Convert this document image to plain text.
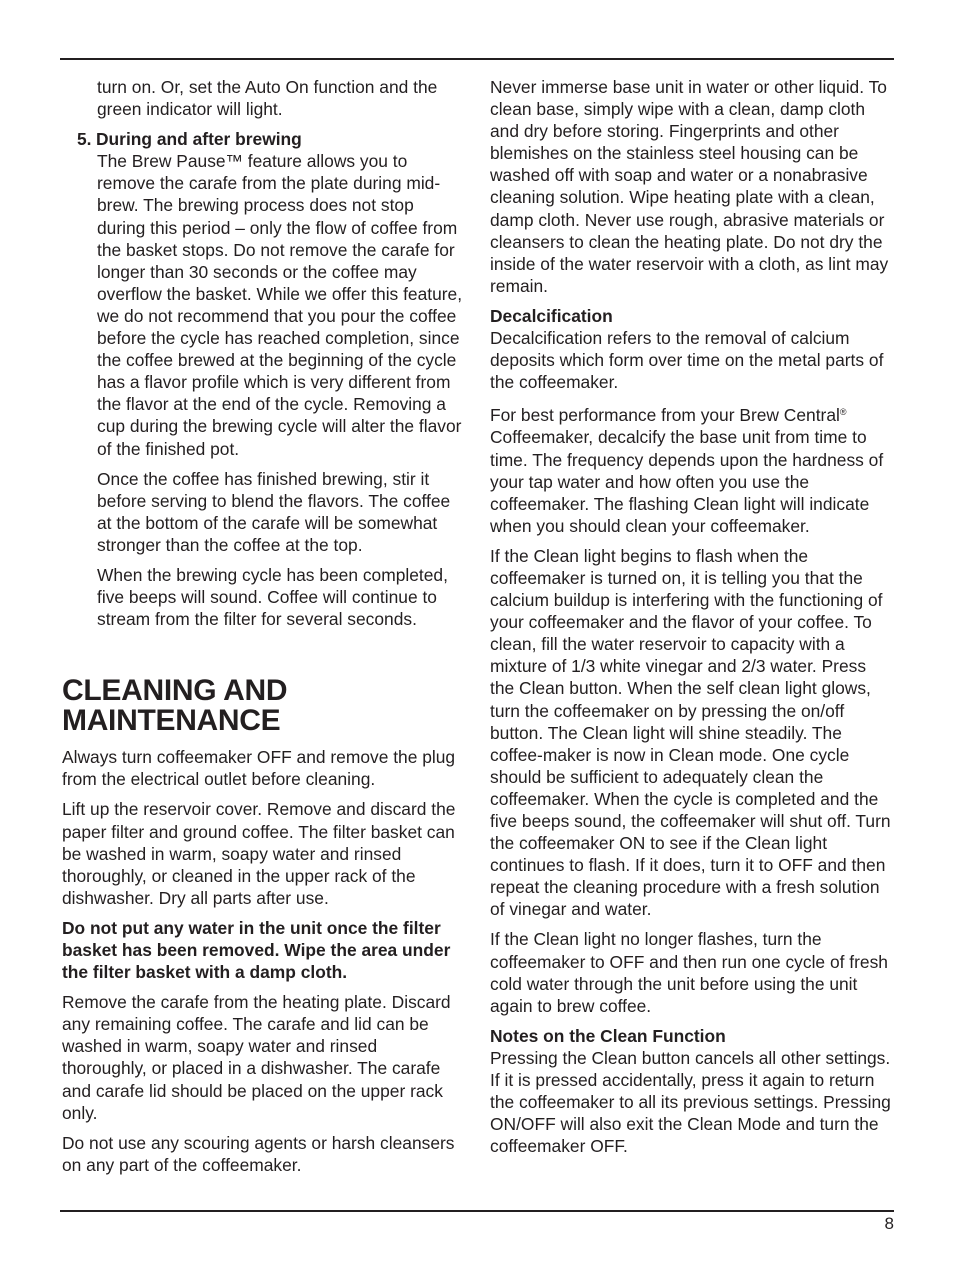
turn on. Or, set the Auto On function and the green indicator will light.

5. During and after brewing

The Brew Pause™ feature allows you to remove the carafe from the plate during mid-brew. The brewing process does not stop during this period – only the flow of coffee from the basket stops. Do not remove the carafe for longer than 30 seconds or the coffee may overflow the basket. While we offer this feature, we do not recommend that you pour the coffee before the cycle has reached completion, since the coffee brewed at the beginning of the cycle has a flavor profile which is very different from the flavor at the end of the cycle. Removing a cup during the brewing cycle will alter the flavor of the finished pot.

Once the coffee has finished brewing, stir it before serving to blend the flavors. The coffee at the bottom of the carafe will be somewhat stronger than the coffee at the top.

When the brewing cycle has been completed, five beeps will sound. Coffee will continue to stream from the filter for several seconds.

CLEANING AND
MAINTENANCE

Always turn coffeemaker OFF and remove the plug from the electrical outlet before cleaning.

Lift up the reservoir cover. Remove and discard the paper filter and ground coffee. The filter basket can be washed in warm, soapy water and rinsed thoroughly, or cleaned in the upper rack of the dishwasher. Dry all parts after use.

Do not put any water in the unit once the filter basket has been removed. Wipe the area under the filter basket with a damp cloth.

Remove the carafe from the heating plate. Discard any remaining coffee. The carafe and lid can be washed in warm, soapy water and rinsed thoroughly, or placed in a dishwasher. The carafe and carafe lid should be placed on the upper rack only.

Do not use any scouring agents or harsh cleansers on any part of the coffeemaker.

Never immerse base unit in water or other liquid. To clean base, simply wipe with a clean, damp cloth and dry before storing. Fingerprints and other blemishes on the stainless steel housing can be washed off with soap and water or a nonabrasive cleaning solution. Wipe heating plate with a clean, damp cloth. Never use rough, abrasive materials or cleansers to clean the heating plate. Do not dry the inside of the water reservoir with a cloth, as lint may remain.

Decalcification

Decalcification refers to the removal of calcium deposits which form over time on the metal parts of the coffeemaker.

For best performance from your Brew Central® Coffeemaker, decalcify the base unit from time to time. The frequency depends upon the hardness of your tap water and how often you use the coffeemaker. The flashing Clean light will indicate when you should clean your coffeemaker.

If the Clean light begins to flash when the coffeemaker is turned on, it is telling you that the calcium buildup is interfering with the functioning of your coffeemaker and the flavor of your coffee. To clean, fill the water reservoir to capacity with a mixture of 1/3 white vinegar and 2/3 water. Press the Clean button. When the self clean light glows, turn the coffeemaker on by pressing the on/off button. The Clean light will shine steadily. The coffee-maker is now in Clean mode. One cycle should be sufficient to adequately clean the coffeemaker. When the cycle is completed and the five beeps sound, the coffeemaker will shut off. Turn the coffeemaker ON to see if the Clean light continues to flash. If it does, turn it to OFF and then repeat the cleaning procedure with a fresh solution of vinegar and water.

If the Clean light no longer flashes, turn the coffeemaker to OFF and then run one cycle of fresh cold water through the unit before using the unit again to brew coffee.

Notes on the Clean Function

Pressing the Clean button cancels all other settings. If it is pressed accidentally, press it again to return the coffeemaker to all its previous settings. Pressing ON/OFF will also exit the Clean Mode and turn the coffeemaker OFF.

8
